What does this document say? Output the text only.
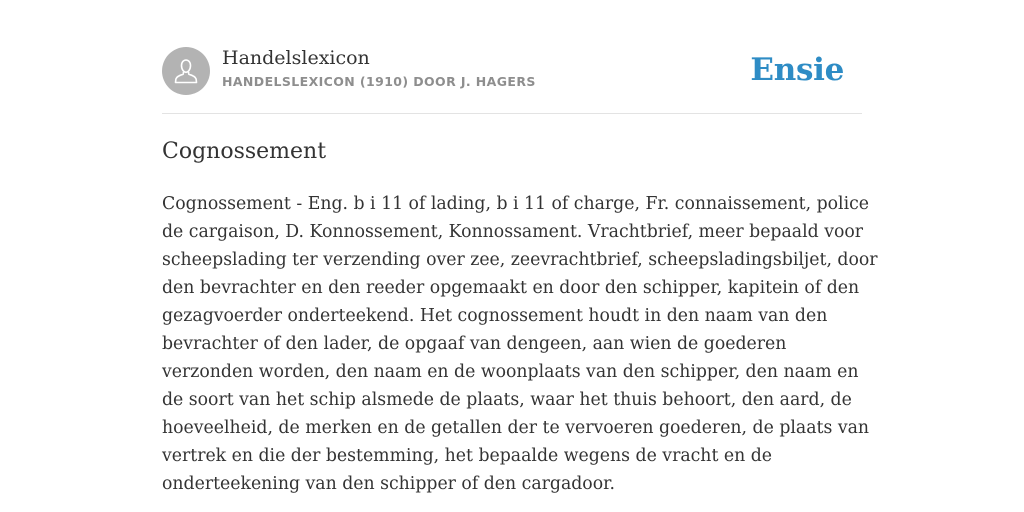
Handelslexicon
HANDELSLEXICON (1910) DOOR J. HAGERS	Ensie
Cognossement
Cognossement - Eng. b i 11 of lading, b i 11 of charge, Fr. connaissement, police
de cargaison, D. Konnossement, Konnossament. Vrachtbrief, meer bepaald voor
scheepslading ter verzending over zee, zeevrachtbrief, scheepsladingsbiljet, door
den bevrachter en den reeder opgemaakt en door den schipper, kapitein of den
gezagvoerder onderteekend. Het cognossement houdt in den naam van den
bevrachter of den lader, de opgaaf van dengeen, aan wien de goederen
verzonden worden, den naam en de woonplaats van den schipper, den naam en
de soort van het schip alsmede de plaats, waar het thuis behoort, den aard, de
hoeveelheid, de merken en de getallen der te vervoeren goederen, de plaats van
vertrek en die der bestemming, het bepaalde wegens de vracht en de
onderteekening van den schipper of den cargadoor.
